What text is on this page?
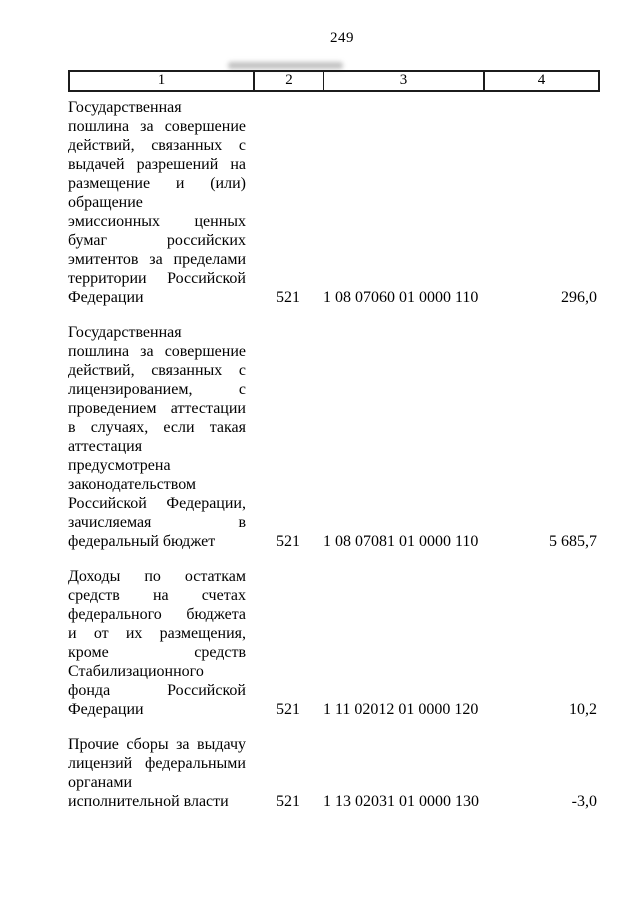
249
1	2	3	4
Государственная
пошлина за совершение
действий, связанных с
выдачей разрешений на
размещение и (или)
обращение
эмиссионных ценных
бумаг российских
эмитентов за пределами
территории Российской
Федерации	521	1 08 07060 01 0000 110	296,0
Государственная
пошлина за совершение
действий, связанных с
лицензированием, с
проведением аттестации
в случаях, если такая
аттестация
предусмотрена
законодательством
Российской Федерации,
зачисляемая в
федеральный бюджет	521	1 08 07081 01 0000 110	5 685,7
Доходы по остаткам
средств на счетах
федерального бюджета
и от их размещения,
кроме средств
Стабилизационного
фонда Российской
Федерации	521	1 11 02012 01 0000 120	10,2
Прочие сборы за выдачу
лицензий федеральными
органами
исполнительной власти	521	1 13 02031 01 0000 130	-3,0
